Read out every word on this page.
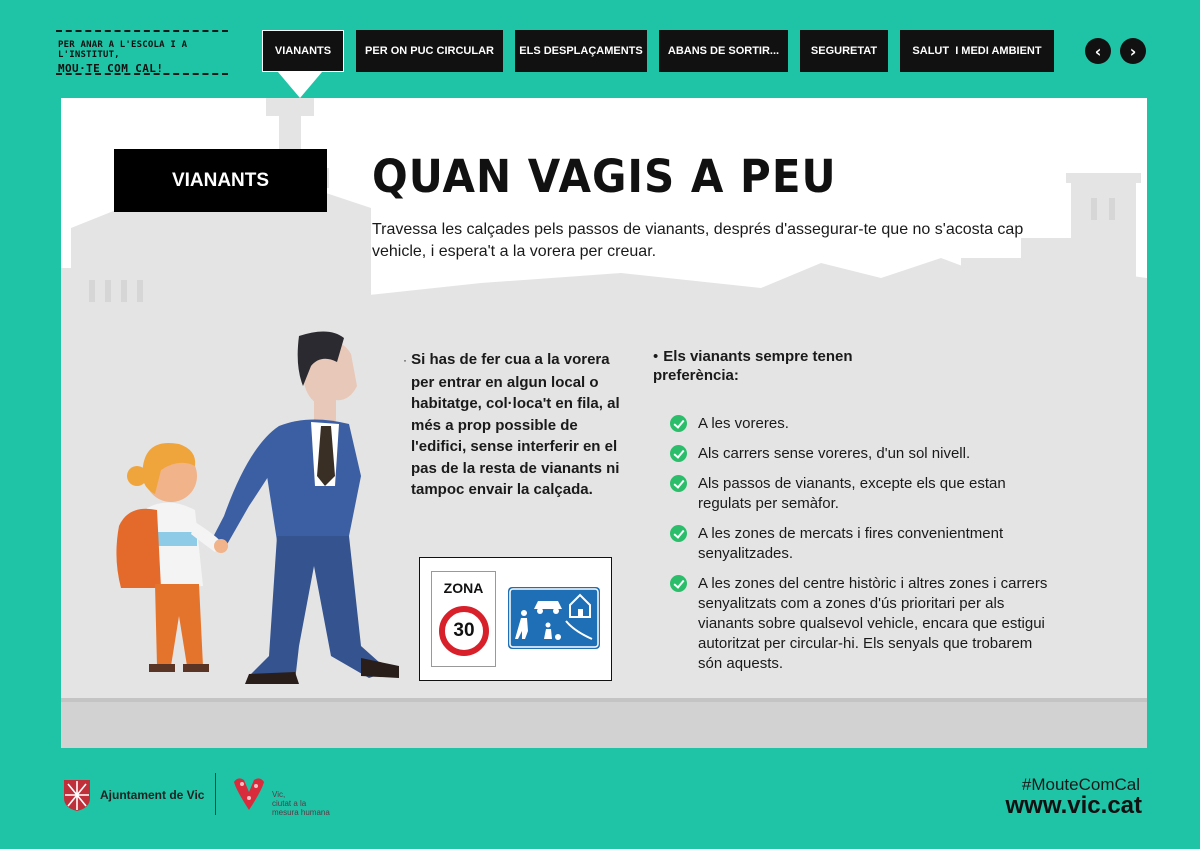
PER ANAR A L'ESCOLA I A L'INSTITUT,
MOU·TE COM CAL!
VIANANTS	PER ON PUC CIRCULAR	ELS DESPLAÇAMENTS	ABANS DE SORTIR...	SEGURETAT	SALUT  I MEDI AMBIENT	‹ ›
VIANANTS	QUAN VAGIS A PEU
Travessa les calçades pels passos de vianants, després d'assegurar-te que no s'acosta cap vehicle, i espera't a la vorera per creuar.
· Si has de fer cua a la vorera per entrar en algun local o habitatge, col·loca't en fila, al més a prop possible de l'edifici, sense interferir en el pas de la resta de vianants ni tampoc envair la calçada.
ZONA
30
• Els vianants sempre tenen preferència:
A les voreres.
Als carrers sense voreres, d'un sol nivell.
Als passos de vianants, excepte els que estan regulats per semàfor.
A les zones de mercats i fires convenientment senyalitzades.
A les zones del centre històric i altres zones i carrers senyalitzats com a zones d'ús prioritari per als vianants sobre qualsevol vehicle, encara que estigui autoritzat per circular-hi. Els senyals que trobarem són aquests.
Ajuntament de Vic	Vic,
ciutat a la
mesura humana
#MouteComCal
www.vic.cat
